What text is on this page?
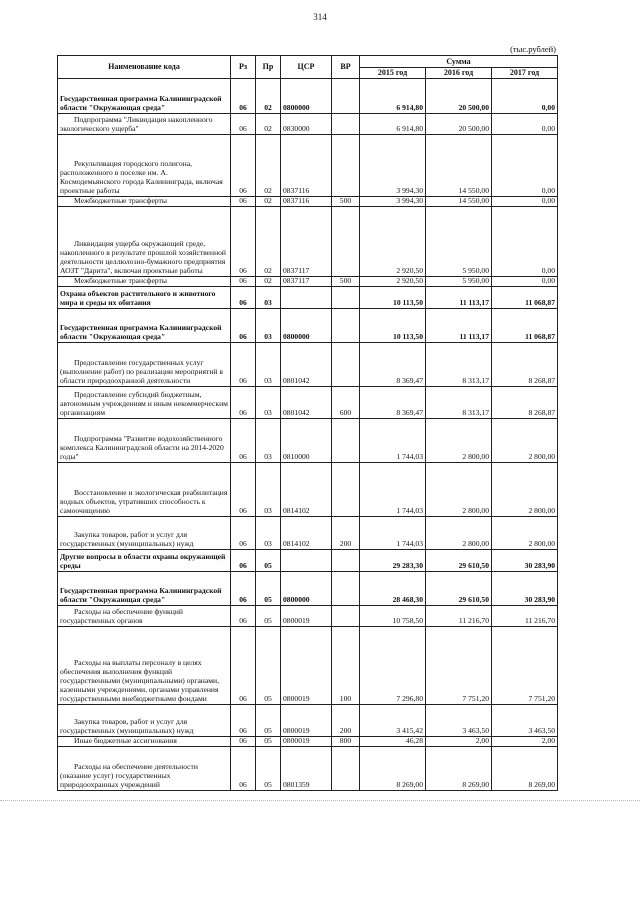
314
(тыс.рублей)
Наименование кода	Рз	Пр	ЦСР	ВР	Сумма		
					2015 год	2016 год	2017 год
Государственная программа Калининградской области "Окружающая среда"	06	02	0800000		6 914,80	20 500,00	0,00
Подпрограмма "Ликвидация накопленного экологического ущерба"	06	02	0830000		6 914,80	20 500,00	0,00
Рекультивация городского полигона, расположенного в поселке им. А. Космодемьянского города Калининграда, включая проектные работы	06	02	0837116		3 994,30	14 550,00	0,00
Межбюджетные трансферты	06	02	0837116	500	3 994,30	14 550,00	0,00
Ликвидация ущерба окружающей среде, накопленного в результате прошлой хозяйственной деятельности целлюлозно-бумажного предприятия АОЗТ "Дарита", включая проектные работы	06	02	0837117		2 920,50	5 950,00	0,00
Межбюджетные трансферты	06	02	0837117	500	2 920,50	5 950,00	0,00
Охрана объектов растительного и животного мира и среды их обитания	06	03			10 113,50	11 113,17	11 068,87
Государственная программа Калининградской области "Окружающая среда"	06	03	0800000		10 113,50	11 113,17	11 068,87
Предоставление государственных услуг (выполнение работ) по реализации мероприятий в области природоохранной деятельности	06	03	0801042		8 369,47	8 313,17	8 268,87
Предоставление субсидий бюджетным, автономным учреждениям и иным некоммерческим организациям	06	03	0801042	600	8 369,47	8 313,17	8 268,87
Подпрограмма "Развитие водохозяйственного комплекса Калининградской области на 2014-2020 годы"	06	03	0810000		1 744,03	2 800,00	2 800,00
Восстановление и экологическая реабилитация водных объектов, утративших способность к самоочищению	06	03	0814102		1 744,03	2 800,00	2 800,00
Закупка товаров, работ и услуг для государственных (муниципальных) нужд	06	03	0814102	200	1 744,03	2 800,00	2 800,00
Другие вопросы в области охраны окружающей среды	06	05			29 283,30	29 610,50	30 283,90
Государственная программа Калининградской области "Окружающая среда"	06	05	0800000		28 468,30	29 610,50	30 283,90
Расходы на обеспечение функций государственных органов	06	05	0800019		10 758,50	11 216,70	11 216,70
Расходы на выплаты персоналу в целях обеспечения выполнения функций государственными (муниципальными) органами, казенными учреждениями, органами управления государственными внебюджетными фондами	06	05	0800019	100	7 296,80	7 751,20	7 751,20
Закупка товаров, работ и услуг для государственных (муниципальных) нужд	06	05	0800019	200	3 415,42	3 463,50	3 463,50
Иные бюджетные ассигнования	06	05	0800019	800	46,28	2,00	2,00
Расходы на обеспечение деятельности (оказание услуг) государственных природоохранных учреждений	06	05	0801359		8 269,00	8 269,00	8 269,00
